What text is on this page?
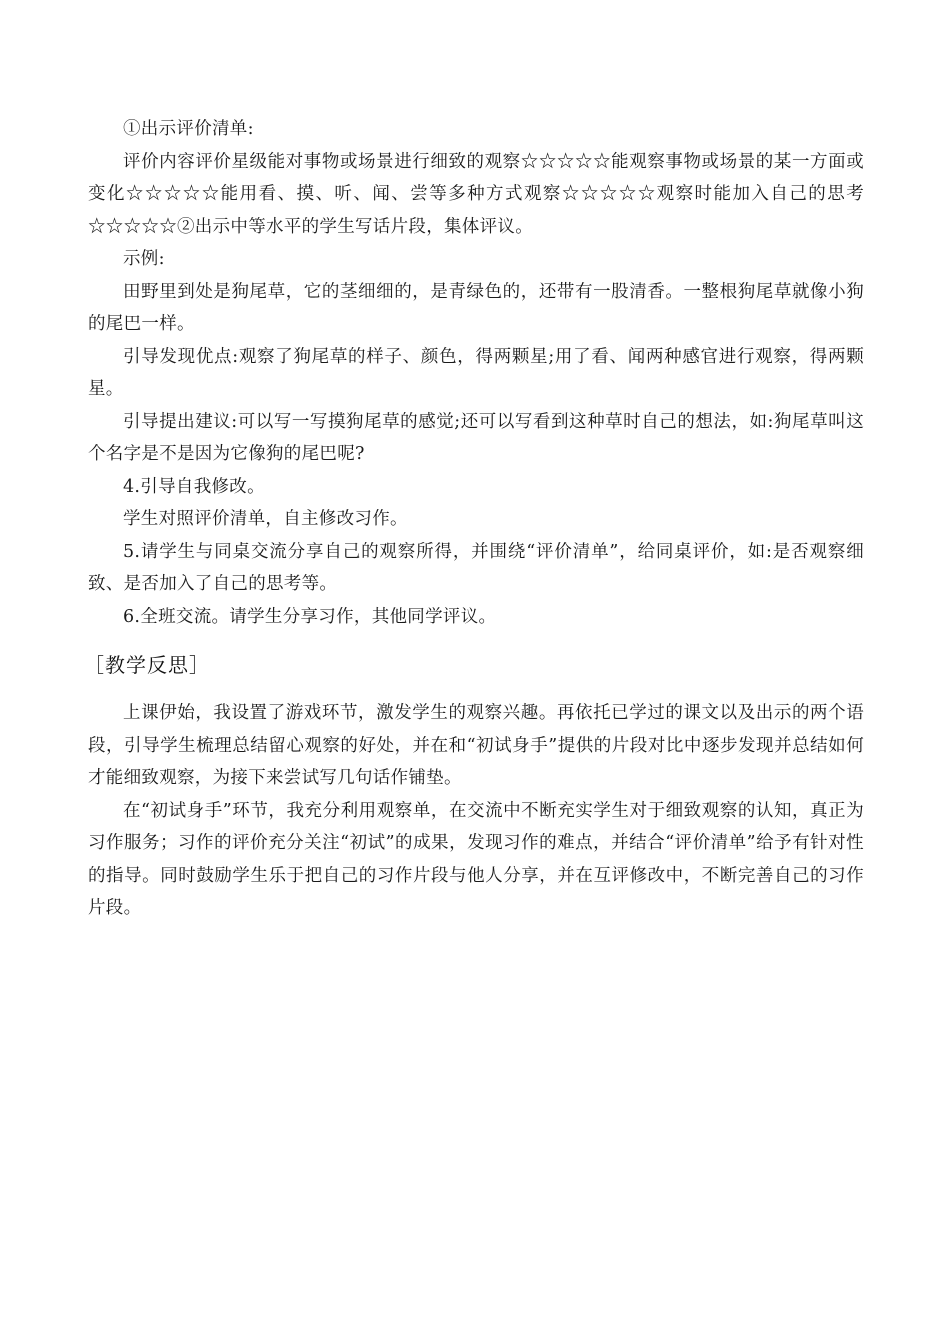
①出示评价清单:

评价内容评价星级能对事物或场景进行细致的观察☆☆☆☆☆能观察事物或场景的某一方面或变化☆☆☆☆☆能用看、摸、听、闻、尝等多种方式观察☆☆☆☆☆观察时能加入自己的思考☆☆☆☆☆②出示中等水平的学生写话片段，集体评议。

示例:

田野里到处是狗尾草，它的茎细细的，是青绿色的，还带有一股清香。一整根狗尾草就像小狗的尾巴一样。

引导发现优点:观察了狗尾草的样子、颜色，得两颗星;用了看、闻两种感官进行观察，得两颗星。

引导提出建议:可以写一写摸狗尾草的感觉;还可以写看到这种草时自己的想法，如:狗尾草叫这个名字是不是因为它像狗的尾巴呢?

4.引导自我修改。

学生对照评价清单，自主修改习作。

5.请学生与同桌交流分享自己的观察所得，并围绕“评价清单”，给同桌评价，如:是否观察细致、是否加入了自己的思考等。

6.全班交流。请学生分享习作，其他同学评议。

［教学反思］

上课伊始，我设置了游戏环节，激发学生的观察兴趣。再依托已学过的课文以及出示的两个语段，引导学生梳理总结留心观察的好处，并在和“初试身手”提供的片段对比中逐步发现并总结如何才能细致观察，为接下来尝试写几句话作铺垫。

在“初试身手”环节，我充分利用观察单，在交流中不断充实学生对于细致观察的认知，真正为习作服务；习作的评价充分关注“初试”的成果，发现习作的难点，并结合“评价清单”给予有针对性的指导。同时鼓励学生乐于把自己的习作片段与他人分享，并在互评修改中，不断完善自己的习作片段。
